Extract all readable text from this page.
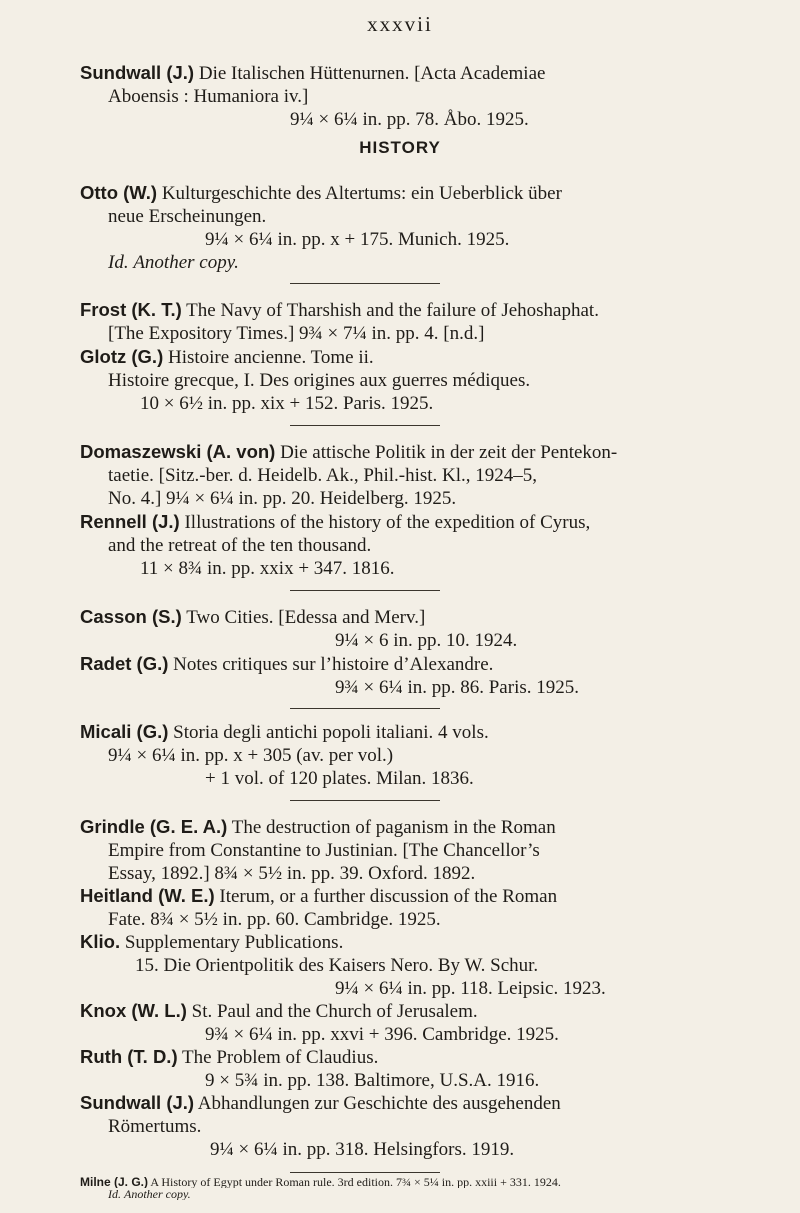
xxxvii
Sundwall (J.) Die Italischen Hüttenurnen. [Acta Academiae
Aboensis : Humaniora iv.]
9¼ × 6¼ in. pp. 78. Åbo. 1925.
HISTORY
Otto (W.) Kulturgeschichte des Altertums: ein Ueberblick über
neue Erscheinungen.
9¼ × 6¼ in. pp. x + 175. Munich. 1925.
Id. Another copy.
Frost (K. T.) The Navy of Tharshish and the failure of Jehoshaphat.
[The Expository Times.] 9¾ × 7¼ in. pp. 4. [n.d.]
Glotz (G.) Histoire ancienne. Tome ii.
Histoire grecque, I. Des origines aux guerres médiques.
10 × 6½ in. pp. xix + 152. Paris. 1925.
Domaszewski (A. von) Die attische Politik in der zeit der Pentekon-
taetie. [Sitz.-ber. d. Heidelb. Ak., Phil.-hist. Kl., 1924–5,
No. 4.] 9¼ × 6¼ in. pp. 20. Heidelberg. 1925.
Rennell (J.) Illustrations of the history of the expedition of Cyrus,
and the retreat of the ten thousand.
11 × 8¾ in. pp. xxix + 347. 1816.
Casson (S.) Two Cities. [Edessa and Merv.]
9¼ × 6 in. pp. 10. 1924.
Radet (G.) Notes critiques sur l’histoire d’Alexandre.
9¾ × 6¼ in. pp. 86. Paris. 1925.
Micali (G.) Storia degli antichi popoli italiani. 4 vols.
9¼ × 6¼ in. pp. x + 305 (av. per vol.)
+ 1 vol. of 120 plates. Milan. 1836.
Grindle (G. E. A.) The destruction of paganism in the Roman
Empire from Constantine to Justinian. [The Chancellor’s
Essay, 1892.] 8¾ × 5½ in. pp. 39. Oxford. 1892.
Heitland (W. E.) Iterum, or a further discussion of the Roman
Fate. 8¾ × 5½ in. pp. 60. Cambridge. 1925.
Klio. Supplementary Publications.
15. Die Orientpolitik des Kaisers Nero. By W. Schur.
9¼ × 6¼ in. pp. 118. Leipsic. 1923.
Knox (W. L.) St. Paul and the Church of Jerusalem.
9¾ × 6¼ in. pp. xxvi + 396. Cambridge. 1925.
Ruth (T. D.) The Problem of Claudius.
9 × 5¾ in. pp. 138. Baltimore, U.S.A. 1916.
Sundwall (J.) Abhandlungen zur Geschichte des ausgehenden
Römertums.
9¼ × 6¼ in. pp. 318. Helsingfors. 1919.
Milne (J. G.) A History of Egypt under Roman rule. 3rd edition. 7¾ × 5¼ in. pp. xxiii + 331. 1924.
Id. Another copy.
